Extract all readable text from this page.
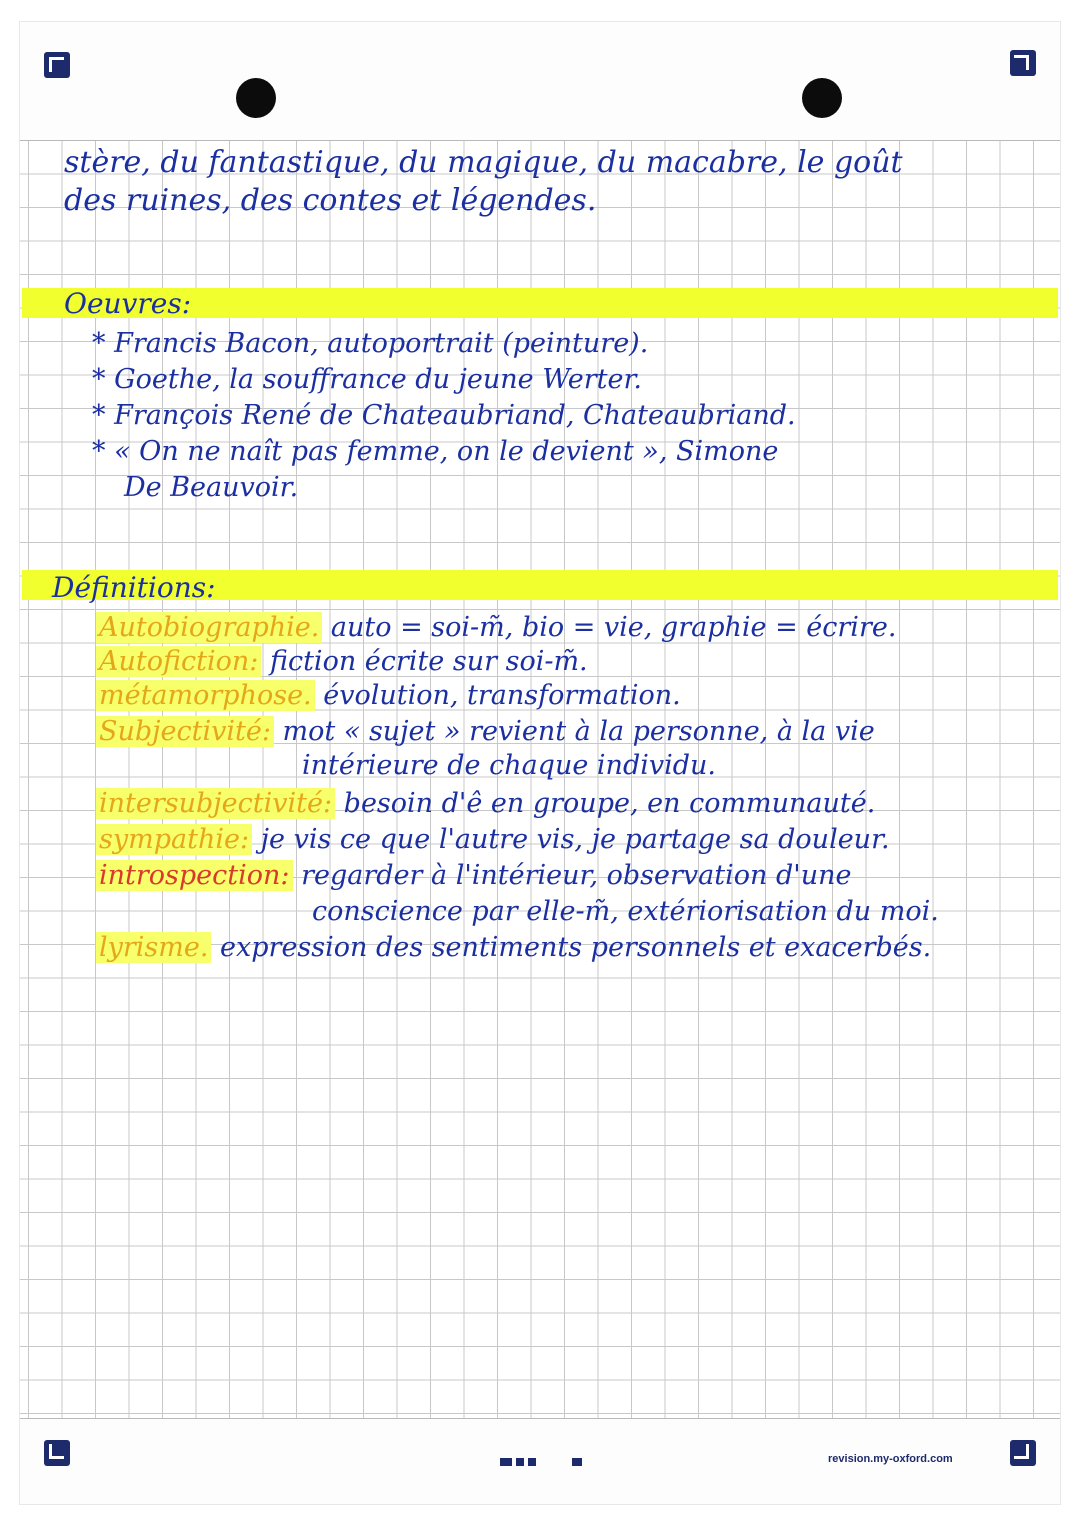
stère, du fantastique, du magique, du macabre, le goût
des ruines, des contes et légendes.
Oeuvres:
* Francis Bacon, autoportrait (peinture).
* Goethe, la souffrance du jeune Werter.
* François René de Chateaubriand, Chateaubriand.
* « On ne naît pas femme, on le devient », Simone
De Beauvoir.
Définitions:
Autobiographie. auto = soi-m̃, bio = vie, graphie = écrire.
Autofiction: fiction écrite sur soi-m̃.
métamorphose. évolution, transformation.
Subjectivité: mot « sujet » revient à la personne, à la vie
intérieure de chaque individu.
intersubjectivité: besoin d'ê en groupe, en communauté.
sympathie: je vis ce que l'autre vis, je partage sa douleur.
introspection: regarder à l'intérieur, observation d'une
conscience par elle-m̃, extériorisation du moi.
lyrisme. expression des sentiments personnels et exacerbés.
revision.my-oxford.com
